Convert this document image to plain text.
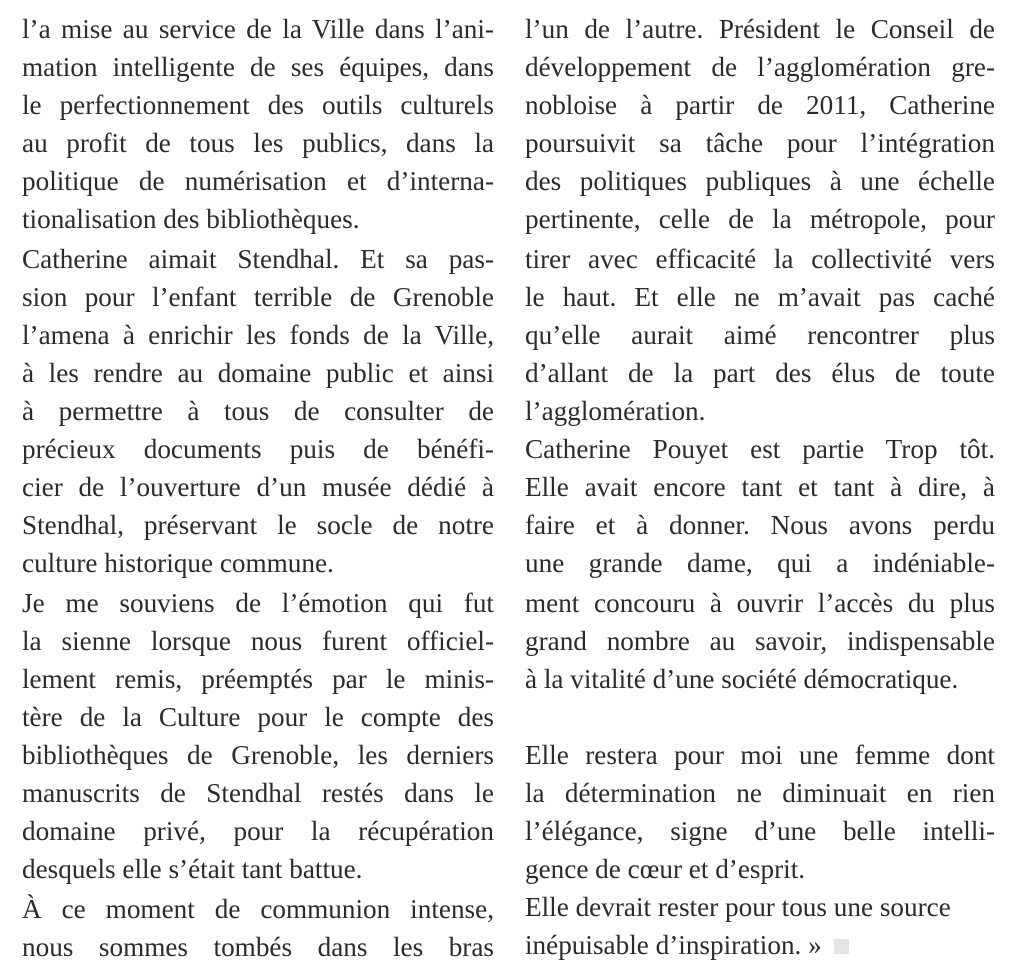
l’a mise au service de la Ville dans l’ani-
mation intelligente de ses équipes, dans
le perfectionnement des outils culturels
au profit de tous les publics, dans la
politique de numérisation et d’interna-
tionalisation des bibliothèques.
Catherine aimait Stendhal. Et sa pas-
sion pour l’enfant terrible de Grenoble
l’amena à enrichir les fonds de la Ville,
à les rendre au domaine public et ainsi
à permettre à tous de consulter de
précieux documents puis de bénéfi-
cier de l’ouverture d’un musée dédié à
Stendhal, préservant le socle de notre
culture historique commune.
Je me souviens de l’émotion qui fut
la sienne lorsque nous furent officiel-
lement remis, préemptés par le minis-
tère de la Culture pour le compte des
bibliothèques de Grenoble, les derniers
manuscrits de Stendhal restés dans le
domaine privé, pour la récupération
desquels elle s’était tant battue.
À ce moment de communion intense,
nous sommes tombés dans les bras
l’un de l’autre. Président le Conseil de
développement de l’agglomération gre-
nobloise à partir de 2011, Catherine
poursuivit sa tâche pour l’intégration
des politiques publiques à une échelle
pertinente, celle de la métropole, pour
tirer avec efficacité la collectivité vers
le haut. Et elle ne m’avait pas caché
qu’elle aurait aimé rencontrer plus
d’allant de la part des élus de toute
l’agglomération.
Catherine Pouyet est partie Trop tôt.
Elle avait encore tant et tant à dire, à
faire et à donner. Nous avons perdu
une grande dame, qui a indéniable-
ment concouru à ouvrir l’accès du plus
grand nombre au savoir, indispensable
à la vitalité d’une société démocratique.
Elle restera pour moi une femme dont
la détermination ne diminuait en rien
l’élégance, signe d’une belle intelli-
gence de cœur et d’esprit.
inépuisable d’inspiration. »
Elle devrait rester pour tous une source
